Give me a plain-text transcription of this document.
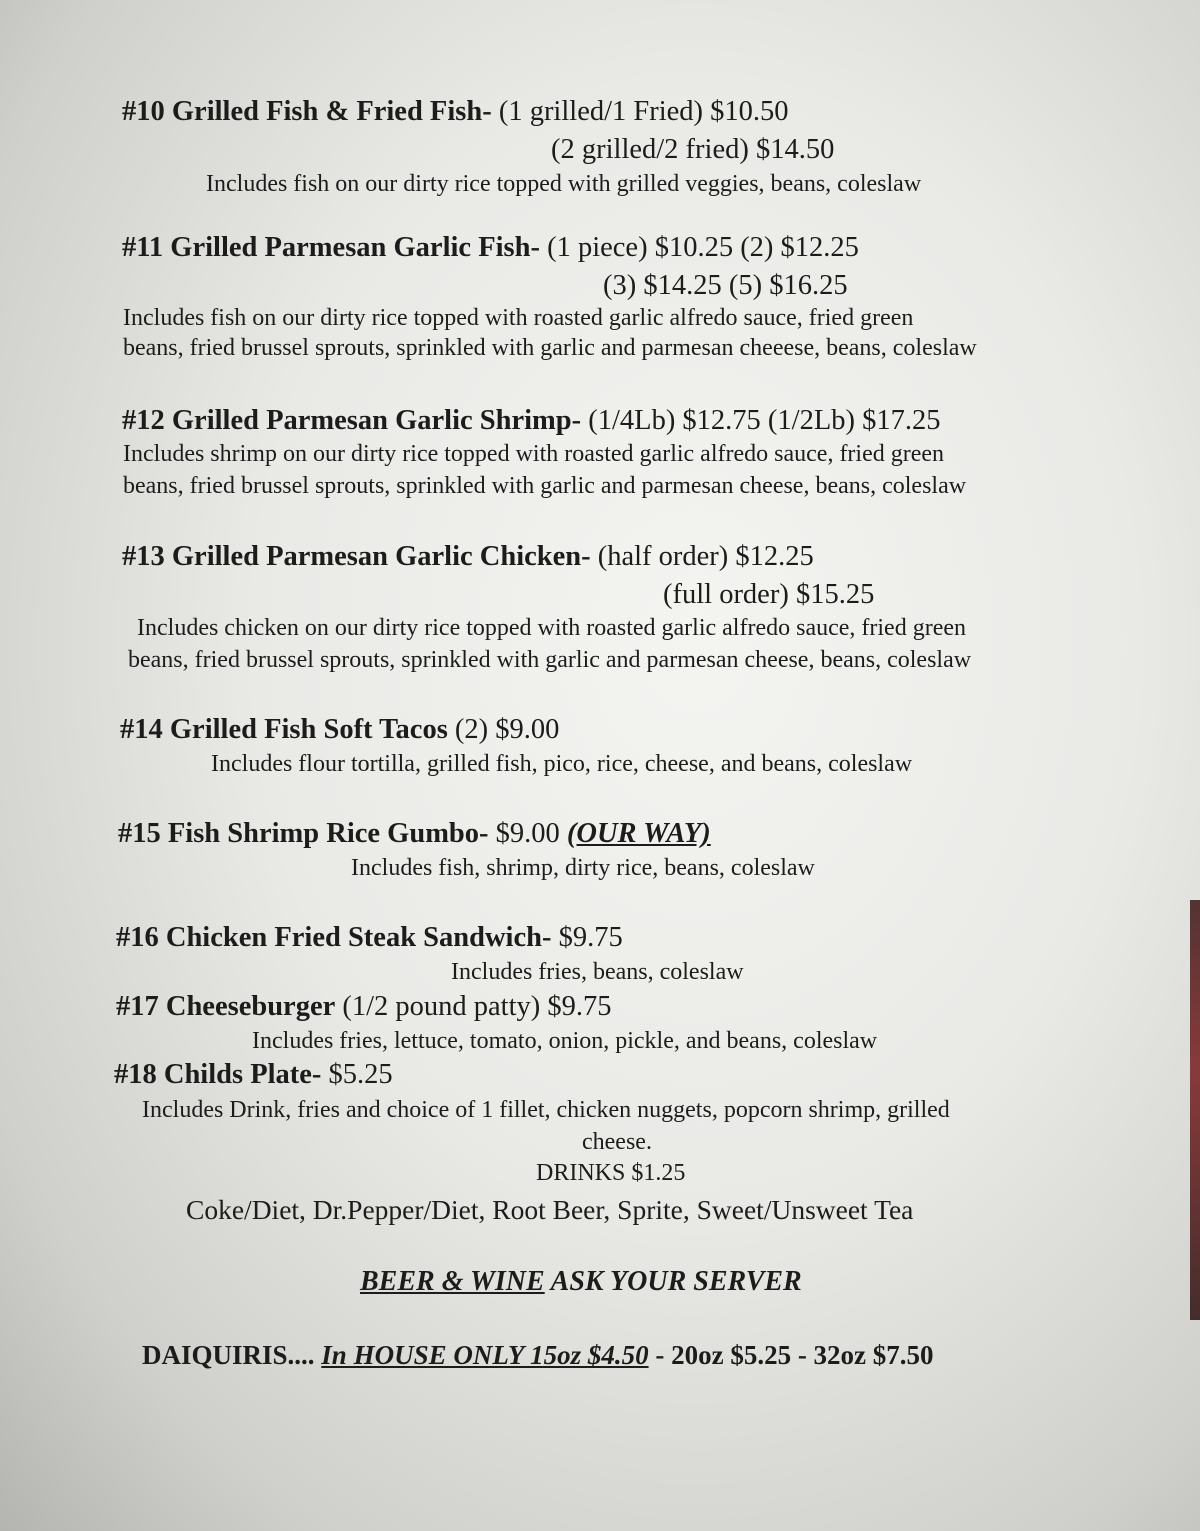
#10 Grilled Fish & Fried Fish- (1 grilled/1 Fried) $10.50
(2 grilled/2 fried) $14.50
Includes fish on our dirty rice topped with grilled veggies, beans, coleslaw
#11 Grilled Parmesan Garlic Fish- (1 piece) $10.25 (2) $12.25
(3) $14.25 (5) $16.25
Includes fish on our dirty rice topped with roasted garlic alfredo sauce, fried green
beans, fried brussel sprouts, sprinkled with garlic and parmesan cheeese, beans, coleslaw
#12 Grilled Parmesan Garlic Shrimp- (1/4Lb) $12.75 (1/2Lb) $17.25
Includes shrimp on our dirty rice topped with roasted garlic alfredo sauce, fried green
beans, fried brussel sprouts, sprinkled with garlic and parmesan cheese, beans, coleslaw
#13 Grilled Parmesan Garlic Chicken- (half order) $12.25
(full order) $15.25
Includes chicken on our dirty rice topped with roasted garlic alfredo sauce, fried green
beans, fried brussel sprouts, sprinkled with garlic and parmesan cheese, beans, coleslaw
#14 Grilled Fish Soft Tacos (2) $9.00
Includes flour tortilla, grilled fish, pico, rice, cheese, and beans, coleslaw
#15 Fish Shrimp Rice Gumbo- $9.00 (OUR WAY)
Includes fish, shrimp, dirty rice, beans, coleslaw
#16 Chicken Fried Steak Sandwich- $9.75
Includes fries, beans, coleslaw
#17 Cheeseburger (1/2 pound patty) $9.75
Includes fries, lettuce, tomato, onion, pickle, and beans, coleslaw
#18 Childs Plate- $5.25
Includes Drink, fries and choice of 1 fillet, chicken nuggets, popcorn shrimp, grilled
cheese.
DRINKS $1.25
Coke/Diet, Dr.Pepper/Diet, Root Beer, Sprite, Sweet/Unsweet Tea
BEER & WINE ASK YOUR SERVER
DAIQUIRIS.... In HOUSE ONLY 15oz $4.50 - 20oz $5.25 - 32oz $7.50
